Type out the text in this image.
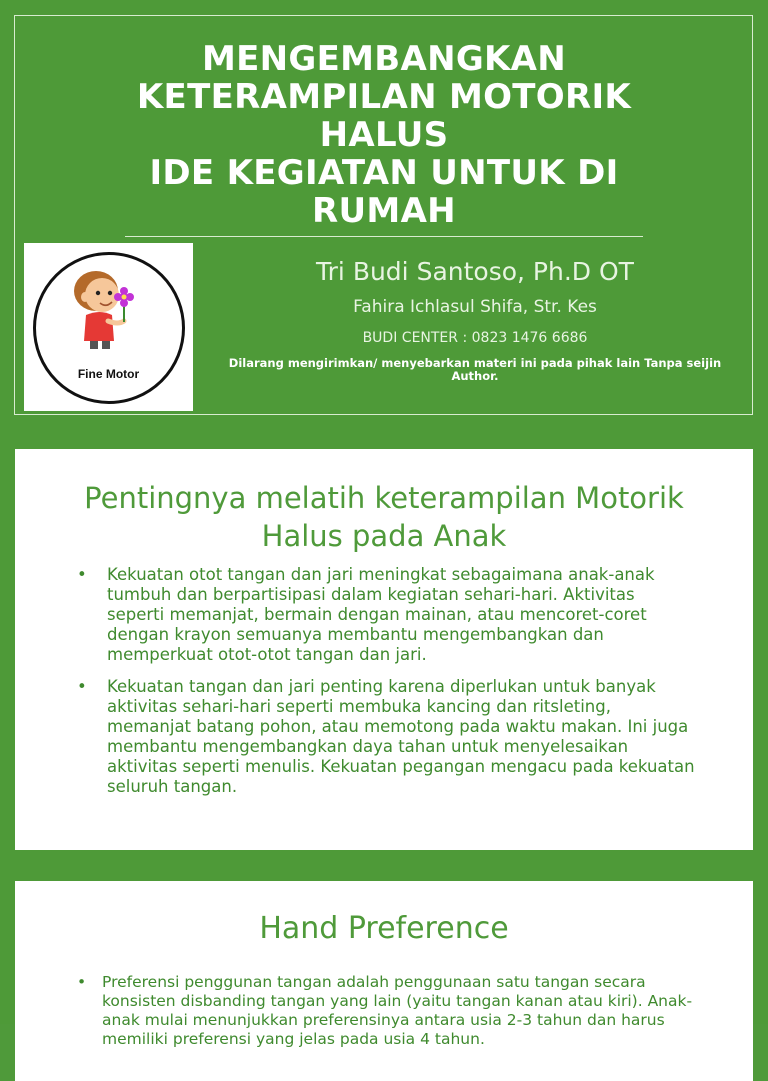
MENGEMBANGKAN
KETERAMPILAN MOTORIK
HALUS
IDE KEGIATAN UNTUK DI
RUMAH
Fine Motor

Tri Budi Santoso, Ph.D OT

Fahira Ichlasul Shifa, Str. Kes

BUDI CENTER : 0823 1476 6686

Dilarang mengirimkan/ menyebarkan materi ini pada pihak lain Tanpa seijin Author.

Pentingnya melatih keterampilan Motorik Halus pada Anak
• Kekuatan otot tangan dan jari meningkat sebagaimana anak-anak tumbuh dan berpartisipasi dalam kegiatan sehari-hari. Aktivitas seperti memanjat, bermain dengan mainan, atau mencoret-coret dengan krayon semuanya membantu mengembangkan dan memperkuat otot-otot tangan dan jari.
• Kekuatan tangan dan jari penting karena diperlukan untuk banyak aktivitas sehari-hari seperti membuka kancing dan ritsleting, memanjat batang pohon, atau memotong pada waktu makan. Ini juga membantu mengembangkan daya tahan untuk menyelesaikan aktivitas seperti menulis. Kekuatan pegangan mengacu pada kekuatan seluruh tangan.
Hand Preference
• Preferensi penggunan tangan adalah penggunaan satu tangan secara konsisten disbanding tangan yang lain (yaitu tangan kanan atau kiri). Anak-anak mulai menunjukkan preferensinya antara usia 2-3 tahun dan harus memiliki preferensi yang jelas pada usia 4 tahun.
